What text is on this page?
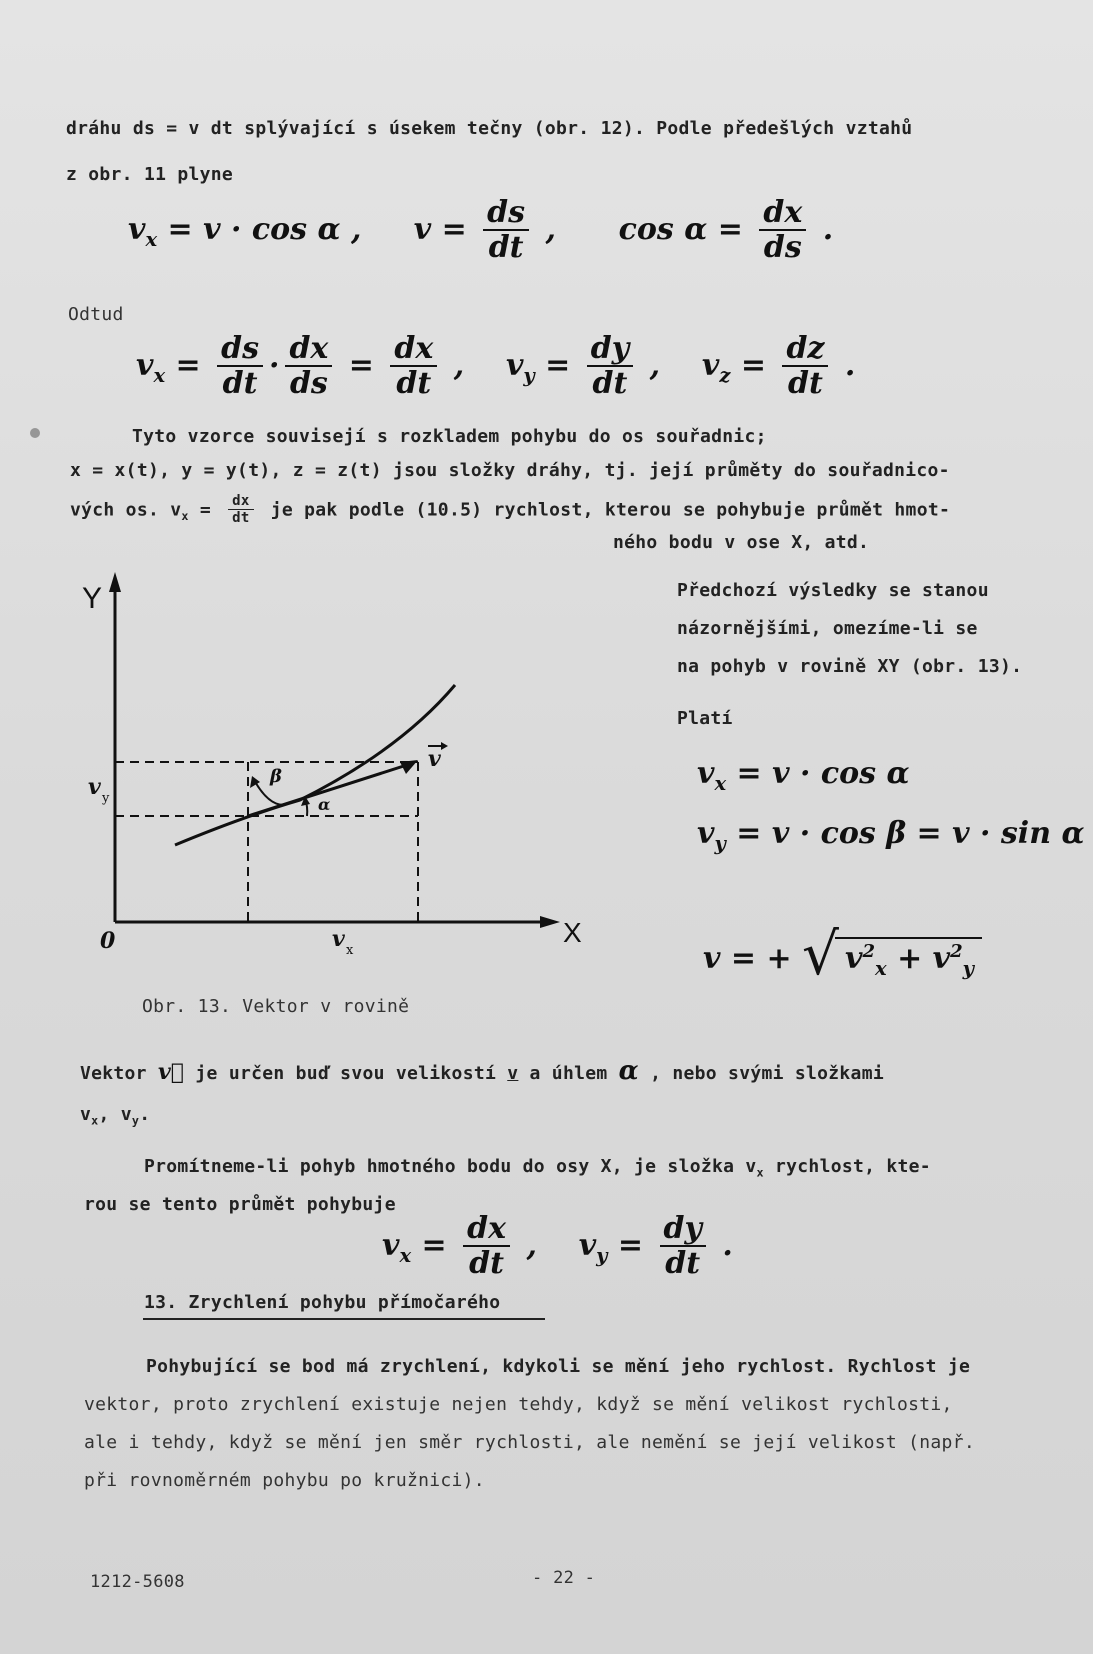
dráhu ds = v dt splývající s úsekem tečny (obr. 12). Podle předešlých vztahů
z obr. 11 plyne
$v_x = v \cdot \cos \alpha$ , $v = \frac{ds}{dt}$ , $\cos \alpha = \frac{dx}{ds}$ .
Odtud
$v_x = \frac{ds}{dt} \cdot \frac{dx}{ds} = \frac{dx}{dt}$ , $v_y = \frac{dy}{dt}$ , $v_z = \frac{dz}{dt}$ .
Tyto vzorce souvisejí s rozkladem pohybu do os souřadnic;
x = x(t), y = y(t), z = z(t) jsou složky dráhy, tj. její průměty do souřadnico-
vých os. $v_x = \frac{dx}{dt}$ je pak podle (10.5) rychlost, kterou se pohybuje průmět hmot-
ného bodu v ose X, atd.
Y
X
0	v x
v y
β
α
v
Předchozí výsledky se stanou
názornějšími, omezíme-li se
na pohyb v rovině XY (obr. 13).
Platí
$v_x = v \cdot \cos \alpha$
$v_y = v \cdot \cos \beta = v \cdot \sin \alpha$
v = + √ $v^2_x + v^2_y$
Obr. 13. Vektor v rovině
Vektor v⃗ je určen buď svou velikostí v a úhlem α , nebo svými složkami
$v_x$, $v_y$.
Promítneme-li pohyb hmotného bodu do osy X, je složka $v_x$ rychlost, kte-
rou se tento průmět pohybuje
$v_x = \frac{dx}{dt}$ , $v_y = \frac{dy}{dt}$ .
13. Zrychlení pohybu přímočarého
Pohybující se bod má zrychlení, kdykoli se mění jeho rychlost. Rychlost je
vektor, proto zrychlení existuje nejen tehdy, když se mění velikost rychlosti,
ale i tehdy, když se mění jen směr rychlosti, ale nemění se její velikost (např.
při rovnoměrném pohybu po kružnici).
1212-5608	- 22 -
